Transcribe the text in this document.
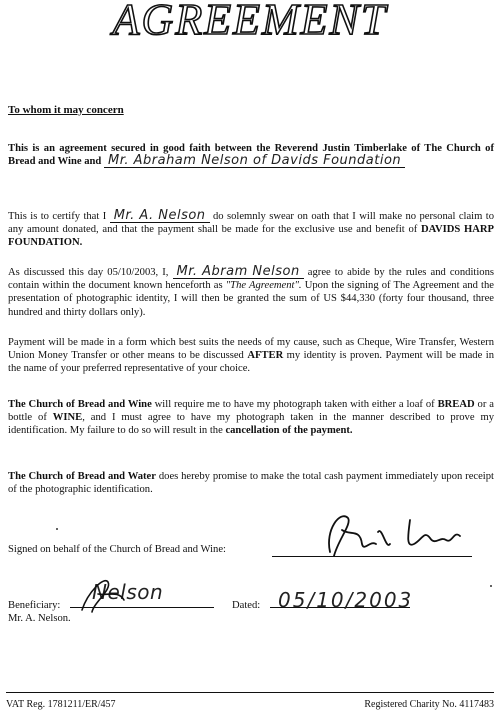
AGREEMENT
To whom it may concern
This is an agreement secured in good faith between the Reverend Justin Timberlake of The Church of Bread and Wine and Mr. Abraham Nelson of Davids Foundation
This is to certify that I Mr. A. Nelson do solemnly swear on oath that I will make no personal claim to any amount donated, and that the payment shall be made for the exclusive use and benefit of DAVIDS HARP FOUNDATION.
As discussed this day 05/10/2003, I, Mr. Abram Nelson agree to abide by the rules and conditions contain within the document known henceforth as "The Agreement". Upon the signing of The Agreement and the presentation of photographic identity, I will then be granted the sum of US $44,330 (forty four thousand, three hundred and thirty dollars only).
Payment will be made in a form which best suits the needs of my cause, such as Cheque, Wire Transfer, Western Union Money Transfer or other means to be discussed AFTER my identity is proven. Payment will be made in the name of your preferred representative of your choice.
The Church of Bread and Wine will require me to have my photograph taken with either a loaf of BREAD or a bottle of WINE, and I must agree to have my photograph taken in the manner described to prove my identification. My failure to do so will result in the cancellation of the payment.
The Church of Bread and Water does hereby promise to make the total cash payment immediately upon receipt of the photographic identification.
Signed on behalf of the Church of Bread and Wine:
Beneficiary:
Mr. A. Nelson.
Nelson
Dated: 05/10/2003
VAT Reg. 1781211/ER/457	Registered Charity No. 4117483
